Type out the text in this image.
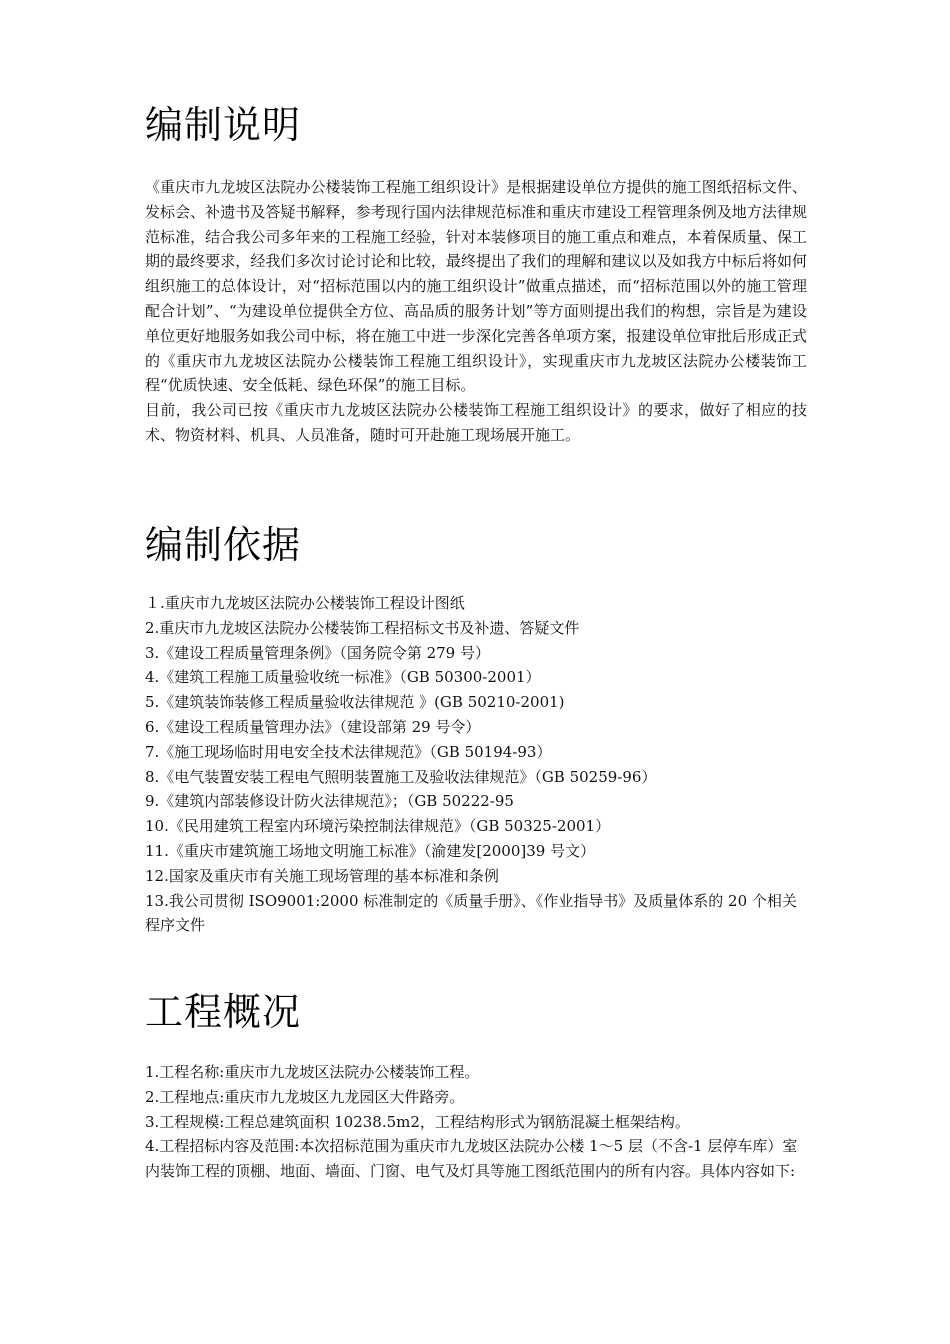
编制说明

《重庆市九龙坡区法院办公楼装饰工程施工组织设计》是根据建设单位方提供的施工图纸招标文件、发标会、补遗书及答疑书解释，参考现行国内法律规范标准和重庆市建设工程管理条例及地方法律规范标准，结合我公司多年来的工程施工经验，针对本装修项目的施工重点和难点，本着保质量、保工期的最终要求，经我们多次讨论讨论和比较，最终提出了我们的理解和建议以及如我方中标后将如何组织施工的总体设计，对“招标范围以内的施工组织设计”做重点描述，而“招标范围以外的施工管理配合计划”、“为建设单位提供全方位、高品质的服务计划”等方面则提出我们的构想，宗旨是为建设单位更好地服务如我公司中标，将在施工中进一步深化完善各单项方案，报建设单位审批后形成正式的《重庆市九龙坡区法院办公楼装饰工程施工组织设计》，实现重庆市九龙坡区法院办公楼装饰工程“优质快速、安全低耗、绿色环保”的施工目标。

目前，我公司已按《重庆市九龙坡区法院办公楼装饰工程施工组织设计》的要求，做好了相应的技术、物资材料、机具、人员准备，随时可开赴施工现场展开施工。

编制依据
１.重庆市九龙坡区法院办公楼装饰工程设计图纸
2.重庆市九龙坡区法院办公楼装饰工程招标文书及补遗、答疑文件
3.《建设工程质量管理条例》（国务院令第 279 号）
4.《建筑工程施工质量验收统一标准》（GB 50300-2001）
5.《建筑装饰装修工程质量验收法律规范 》(GB 50210-2001)
6.《建设工程质量管理办法》（建设部第 29 号令）
7.《施工现场临时用电安全技术法律规范》（GB 50194-93）
8.《电气装置安装工程电气照明装置施工及验收法律规范》（GB 50259-96）
9.《建筑内部装修设计防火法律规范》；（GB 50222-95
10.《民用建筑工程室内环境污染控制法律规范》（GB 50325-2001）
11.《重庆市建筑施工场地文明施工标准》（渝建发[2000]39 号文）
12.国家及重庆市有关施工现场管理的基本标准和条例
13.我公司贯彻 ISO9001:2000 标准制定的《质量手册》、《作业指导书》及质量体系的 20 个相关程序文件
工程概况
1.工程名称:重庆市九龙坡区法院办公楼装饰工程。
2.工程地点:重庆市九龙坡区九龙园区大件路旁。
3.工程规模:工程总建筑面积 10238.5m2，工程结构形式为钢筋混凝土框架结构。
4.工程招标内容及范围:本次招标范围为重庆市九龙坡区法院办公楼 1～5 层（不含-1 层停车库）室内装饰工程的顶棚、地面、墙面、门窗、电气及灯具等施工图纸范围内的所有内容。具体内容如下:
